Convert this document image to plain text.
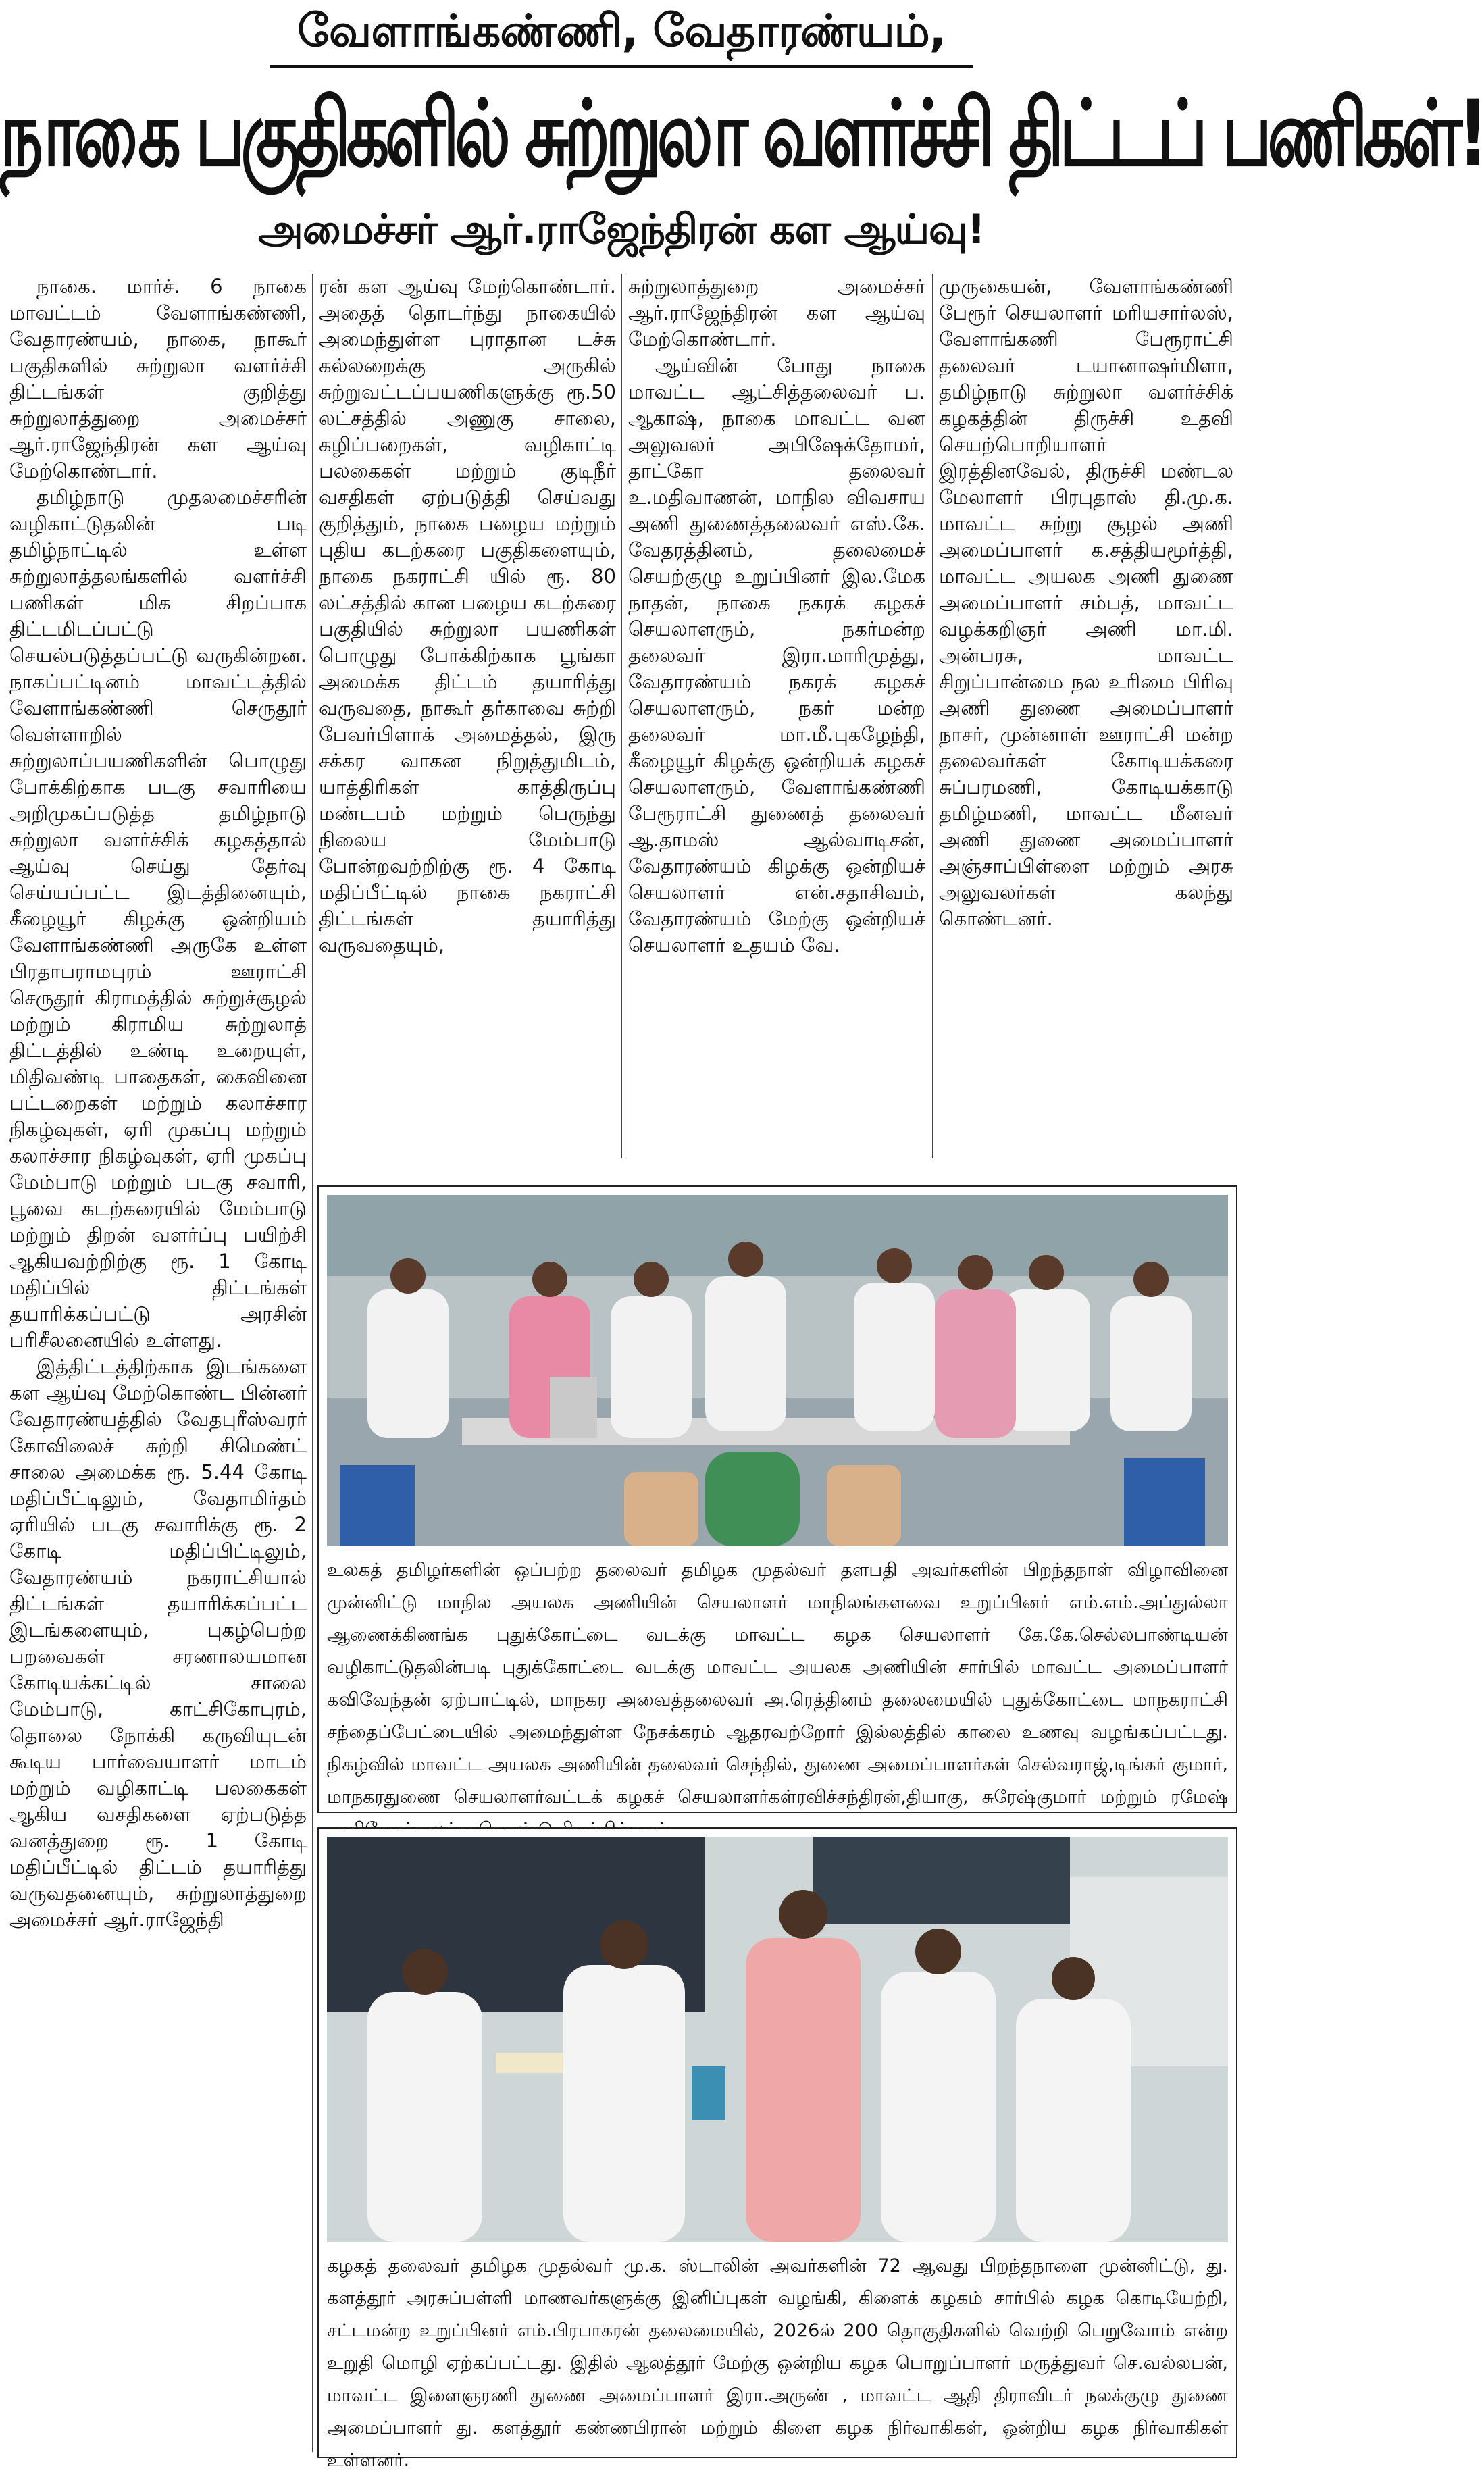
வேளாங்கண்ணி, வேதாரண்யம்,
நாகை பகுதிகளில் சுற்றுலா வளர்ச்சி திட்டப் பணிகள்!
அமைச்சர் ஆர்.ராஜேந்திரன் கள ஆய்வு!

நாகை. மார்ச். 6 நாகை மாவட்டம் வேளாங்கண்ணி, வேதாரண்யம், நாகை, நாகூர் பகுதிகளில் சுற்றுலா வளர்ச்சி திட்டங்கள் குறித்து சுற்றுலாத்துறை அமைச்சர் ஆர்.ராஜேந்திரன் கள ஆய்வு மேற்கொண்டார்.

தமிழ்நாடு முதலமைச்சரின் வழிகாட்டுதலின் படி தமிழ்நாட்டில் உள்ள சுற்றுலாத்தலங்களில் வளர்ச்சி பணிகள் மிக சிறப்பாக திட்டமிடப்பட்டு செயல்படுத்தப்பட்டு வருகின்றன. நாகப்பட்டினம் மாவட்டத்தில் வேளாங்கண்ணி செருதூர் வெள்ளாறில் சுற்றுலாப்பயணிகளின் பொழுது போக்கிற்காக படகு சவாரியை அறிமுகப்படுத்த தமிழ்நாடு சுற்றுலா வளர்ச்சிக் கழகத்தால் ஆய்வு செய்து தேர்வு செய்யப்பட்ட இடத்தினையும், கீழையூர் கிழக்கு ஒன்றியம் வேளாங்கண்ணி அருகே உள்ள பிரதாபராமபுரம் ஊராட்சி செருதூர் கிராமத்தில் சுற்றுச்சூழல் மற்றும் கிராமிய சுற்றுலாத் திட்டத்தில் உண்டி உறையுள், மிதிவண்டி பாதைகள், கைவினை பட்டறைகள் மற்றும் கலாச்சார நிகழ்வுகள், ஏரி முகப்பு மற்றும் கலாச்சார நிகழ்வுகள், ஏரி முகப்பு மேம்பாடு மற்றும் படகு சவாரி, பூவை கடற்கரையில் மேம்பாடு மற்றும் திறன் வளர்ப்பு பயிற்சி ஆகியவற்றிற்கு ரூ. 1 கோடி மதிப்பில் திட்டங்கள் தயாரிக்கப்பட்டு அரசின் பரிசீலனையில் உள்ளது.

இத்திட்டத்திற்காக இடங்களை கள ஆய்வு மேற்கொண்ட பின்னர் வேதாரண்யத்தில் வேதபுரீஸ்வரர் கோவிலைச் சுற்றி சிமெண்ட் சாலை அமைக்க ரூ. 5.44 கோடி மதிப்பீட்டிலும், வேதாமிர்தம் ஏரியில் படகு சவாரிக்கு ரூ. 2 கோடி மதிப்பிட்டிலும், வேதாரண்யம் நகராட்சியால் திட்டங்கள் தயாரிக்கப்பட்ட இடங்களையும், புகழ்பெற்ற பறவைகள் சரணாலயமான கோடியக்கட்டில் சாலை மேம்பாடு, காட்சிகோபுரம், தொலை நோக்கி கருவியுடன் கூடிய பார்வையாளர் மாடம் மற்றும் வழிகாட்டி பலகைகள் ஆகிய வசதிகளை ஏற்படுத்த வனத்துறை ரூ. 1 கோடி மதிப்பீட்டில் திட்டம் தயாரித்து வருவதனையும், சுற்றுலாத்துறை அமைச்சர் ஆர்.ராஜேந்தி

ரன் கள ஆய்வு மேற்கொண்டார். அதைத் தொடர்ந்து நாகையில் அமைந்துள்ள புராதான டச்சு கல்லறைக்கு அருகில் சுற்றுவட்டப்பயணிகளுக்கு ரூ.50 லட்சத்தில் அணுகு சாலை, கழிப்பறைகள், வழிகாட்டி பலகைகள் மற்றும் குடிநீர் வசதிகள் ஏற்படுத்தி செய்வது குறித்தும், நாகை பழைய மற்றும் புதிய கடற்கரை பகுதிகளையும், நாகை நகராட்சி யில் ரூ. 80 லட்சத்தில் கான பழைய கடற்கரை பகுதியில் சுற்றுலா பயணிகள் பொழுது போக்கிற்காக பூங்கா அமைக்க திட்டம் தயாரித்து வருவதை, நாகூர் தர்காவை சுற்றி பேவர்பிளாக் அமைத்தல், இரு சக்கர வாகன நிறுத்துமிடம், யாத்திரிகள் காத்திருப்பு மண்டபம் மற்றும் பெருந்து நிலைய மேம்பாடு போன்றவற்றிற்கு ரூ. 4 கோடி மதிப்பீட்டில் நாகை நகராட்சி திட்டங்கள் தயாரித்து வருவதையும்,

சுற்றுலாத்துறை அமைச்சர் ஆர்.ராஜேந்திரன் கள ஆய்வு மேற்கொண்டார்.

ஆய்வின் போது நாகை மாவட்ட ஆட்சித்தலைவர் ப. ஆகாஷ், நாகை மாவட்ட வன அலுவலர் அபிஷேக்தோமர், தாட்கோ தலைவர் உ.மதிவாணன், மாநில விவசாய அணி துணைத்தலைவர் எஸ்.கே. வேதரத்தினம், தலைமைச் செயற்குழு உறுப்பினர் இல.மேக நாதன், நாகை நகரக் கழகச் செயலாளரும், நகர்மன்ற தலைவர் இரா.மாரிமுத்து, வேதாரண்யம் நகரக் கழகச் செயலாளரும், நகர் மன்ற தலைவர் மா.மீ.புகழேந்தி, கீழையூர் கிழக்கு ஒன்றியக் கழகச் செயலாளரும், வேளாங்கண்ணி பேரூராட்சி துணைத் தலைவர் ஆ.தாமஸ் ஆல்வாடிசன், வேதாரண்யம் கிழக்கு ஒன்றியச் செயலாளர் என்.சதாசிவம், வேதாரண்யம் மேற்கு ஒன்றியச் செயலாளர் உதயம் வே.

முருகையன், வேளாங்கண்ணி பேரூர் செயலாளர் மரியசார்லஸ், வேளாங்கணி பேரூராட்சி தலைவர் டயானாஷர்மிளா, தமிழ்நாடு சுற்றுலா வளர்ச்சிக் கழகத்தின் திருச்சி உதவி செயற்பொறியாளர் இரத்தினவேல், திருச்சி மண்டல மேலாளர் பிரபுதாஸ் தி.மு.க. மாவட்ட சுற்று சூழல் அணி அமைப்பாளர் க.சத்தியமூர்த்தி, மாவட்ட அயலக அணி துணை அமைப்பாளர் சம்பத், மாவட்ட வழக்கறிஞர் அணி மா.மி. அன்பரசு, மாவட்ட சிறுப்பான்மை நல உரிமை பிரிவு அணி துணை அமைப்பாளர் நாசர், முன்னாள் ஊராட்சி மன்ற தலைவர்கள் கோடியக்கரை சுப்பரமணி, கோடியக்காடு தமிழ்மணி, மாவட்ட மீனவர் அணி துணை அமைப்பாளர் அஞ்சாப்பிள்ளை மற்றும் அரசு அலுவலர்கள் கலந்து கொண்டனர்.

உலகத் தமிழர்களின் ஒப்பற்ற தலைவர் தமிழக முதல்வர் தளபதி அவர்களின் பிறந்தநாள் விழாவினை முன்னிட்டு மாநில அயலக அணியின் செயலாளர் மாநிலங்களவை உறுப்பினர் எம்.எம்.அப்துல்லா ஆணைக்கிணங்க புதுக்கோட்டை வடக்கு மாவட்ட கழக செயலாளர் கே.கே.செல்லபாண்டியன் வழிகாட்டுதலின்படி புதுக்கோட்டை வடக்கு மாவட்ட அயலக அணியின் சார்பில் மாவட்ட அமைப்பாளர் கவிவேந்தன் ஏற்பாட்டில், மாநகர அவைத்தலைவர் அ.ரெத்தினம் தலைமையில் புதுக்கோட்டை மாநகராட்சி சந்தைப்பேட்டையில் அமைந்துள்ள நேசக்கரம் ஆதரவற்றோர் இல்லத்தில் காலை உணவு வழங்கப்பட்டது. நிகழ்வில் மாவட்ட அயலக அணியின் தலைவர் செந்தில், துணை அமைப்பாளர்கள் செல்வராஜ்,டிங்கர் குமார், மாநகரதுணை செயலாளர்வட்டக் கழகச் செயலாளர்கள்ரவிச்சந்திரன்,தியாகு, சுரேஷ்குமார் மற்றும் ரமேஷ்
கழகத் தலைவர் தமிழக முதல்வர் மு.க. ஸ்டாலின் அவர்களின் 72 ஆவது பிறந்தநாளை முன்னிட்டு, து. களத்தூர் அரசுப்பள்ளி மாணவர்களுக்கு இனிப்புகள் வழங்கி, கிளைக் கழகம் சார்பில் கழக கொடியேற்றி, சட்டமன்ற உறுப்பினர் எம்.பிரபாகரன் தலைமையில், 2026ல் 200 தொகுதிகளில் வெற்றி பெறுவோம் என்ற உறுதி மொழி ஏற்கப்பட்டது. இதில் ஆலத்தூர் மேற்கு ஒன்றிய கழக பொறுப்பாளர் மருத்துவர் செ.வல்லபன், மாவட்ட இளைஞரணி துணை அமைப்பாளர் இரா.அருண் , மாவட்ட ஆதி திராவிடர் நலக்குழு துணை அமைப்பாளர் து. களத்தூர் கண்ணபிரான் மற்றும் கிளை கழக நிர்வாகிகள், ஒன்றிய கழக நிர்வாகிகள் உள்ளனர்.
